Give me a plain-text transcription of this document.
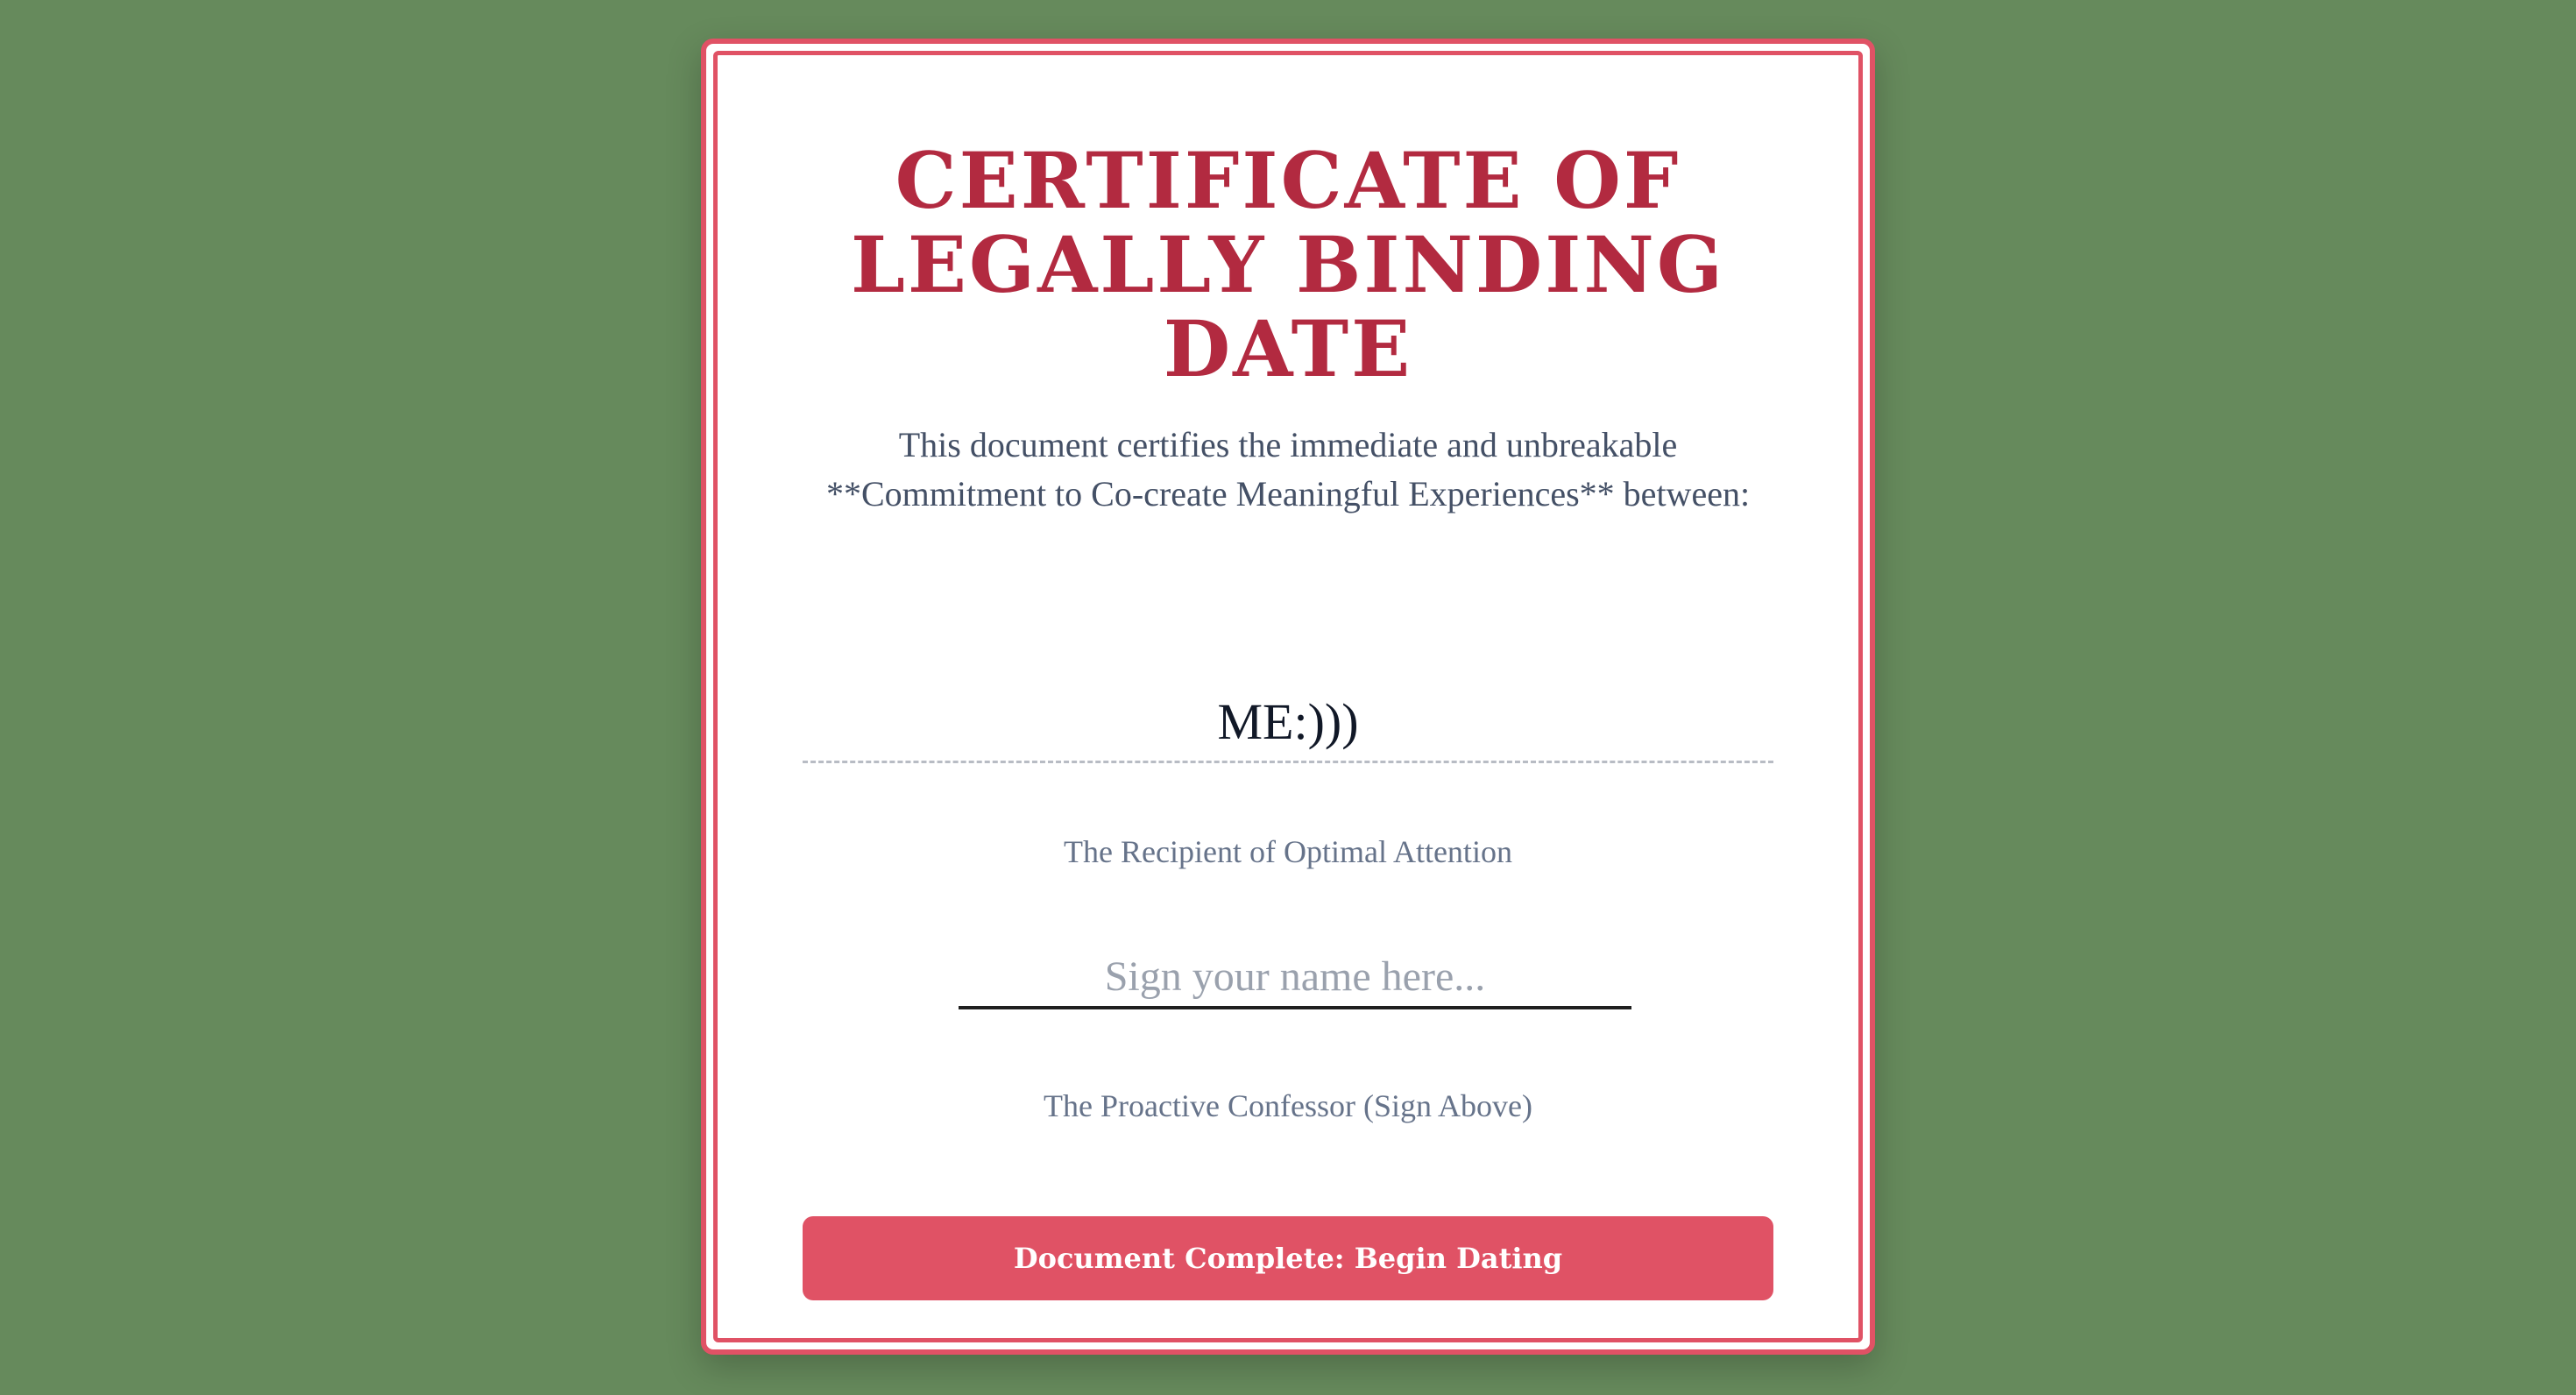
CERTIFICATE OF LEGALLY BINDING DATE
This document certifies the immediate and unbreakable **Commitment to Co-create Meaningful Experiences** between:
ME:)))
The Recipient of Optimal Attention
Sign your name here...
The Proactive Confessor (Sign Above)
Document Complete: Begin Dating
